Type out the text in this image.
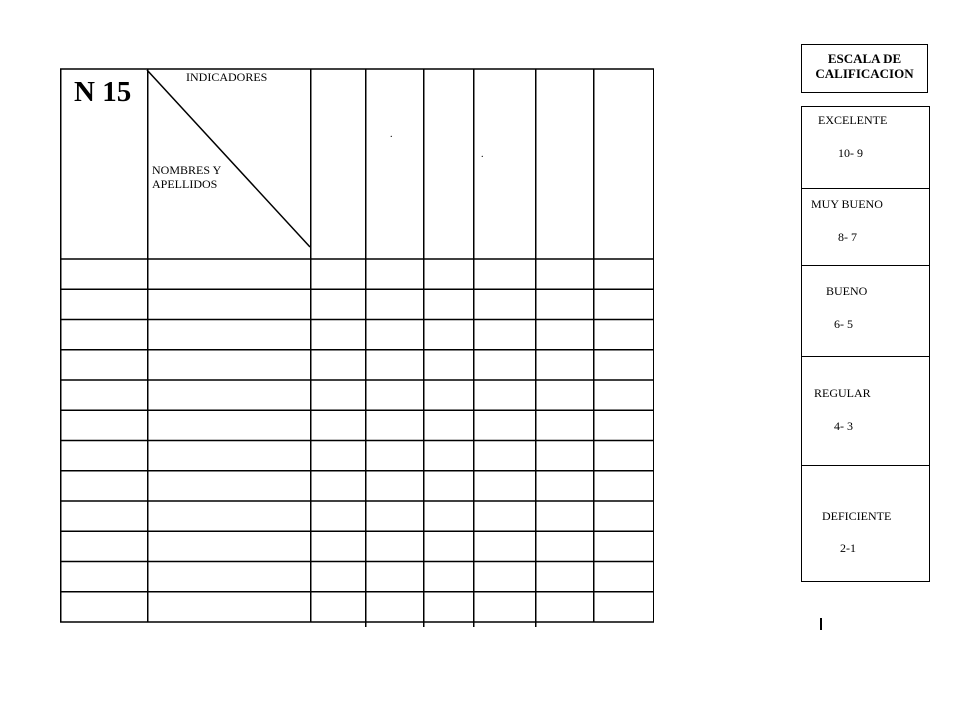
N 15	INDICADORES
NOMBRES Y APELLIDOS
.
.
ESCALA DE CALIFICACION
EXCELENTE
10- 9
MUY BUENO
8- 7
BUENO
6- 5
REGULAR
4- 3
DEFICIENTE
2-1
